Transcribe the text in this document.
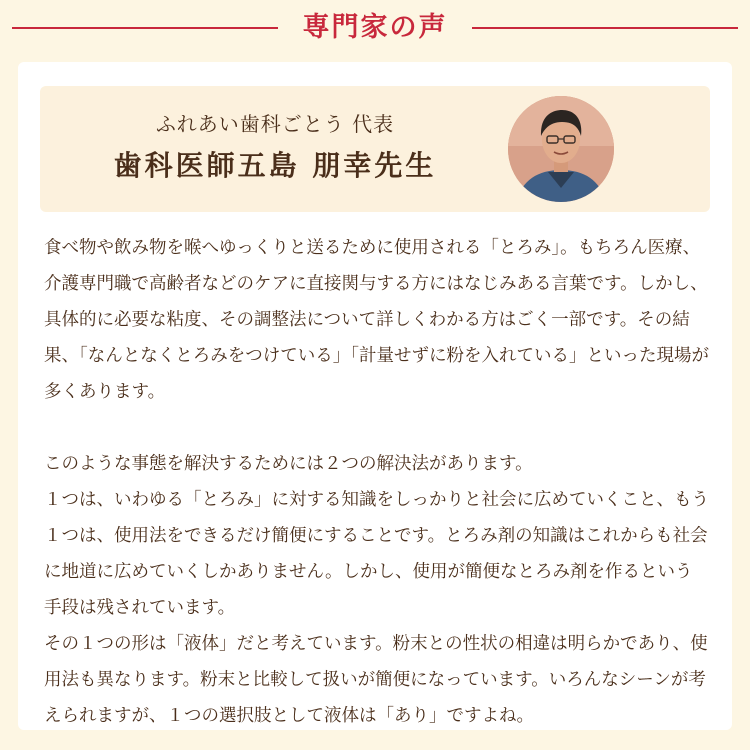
専門家の声
ふれあい歯科ごとう 代表
歯科医師五島 朋幸先生

食べ物や飲み物を喉へゆっくりと送るために使用される「とろみ」。もちろん医療、介護専門職で高齢者などのケアに直接関与する方にはなじみある言葉です。しかし、具体的に必要な粘度、その調整法について詳しくわかる方はごく一部です。その結果、「なんとなくとろみをつけている」「計量せずに粉を入れている」といった現場が多くあります。

このような事態を解決するためには２つの解決法があります。

１つは、いわゆる「とろみ」に対する知識をしっかりと社会に広めていくこと、もう１つは、使用法をできるだけ簡便にすることです。とろみ剤の知識はこれからも社会に地道に広めていくしかありません。しかし、使用が簡便なとろみ剤を作るという手段は残されています。

その１つの形は「液体」だと考えています。粉末との性状の相違は明らかであり、使用法も異なります。粉末と比較して扱いが簡便になっています。いろんなシーンが考えられますが、１つの選択肢として液体は「あり」ですよね。
